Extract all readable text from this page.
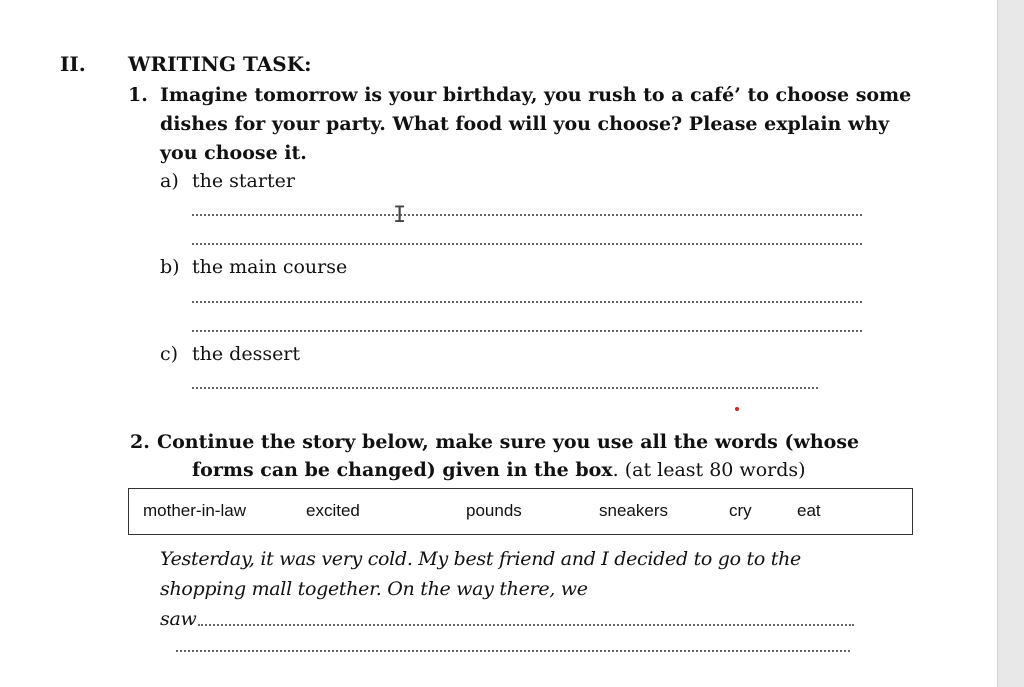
II. WRITING TASK:
1. Imagine tomorrow is your birthday, you rush to a café’ to choose some
dishes for your party. What food will you choose? Please explain why
you choose it.
a) the starter
I
b) the main course
c) the dessert
2. Continue the story below, make sure you use all the words (whose
forms can be changed) given in the box. (at least 80 words)
mother-in-law	excited	pounds	sneakers	cry	eat
Yesterday, it was very cold. My best friend and I decided to go to the
shopping mall together. On the way there, we
saw
